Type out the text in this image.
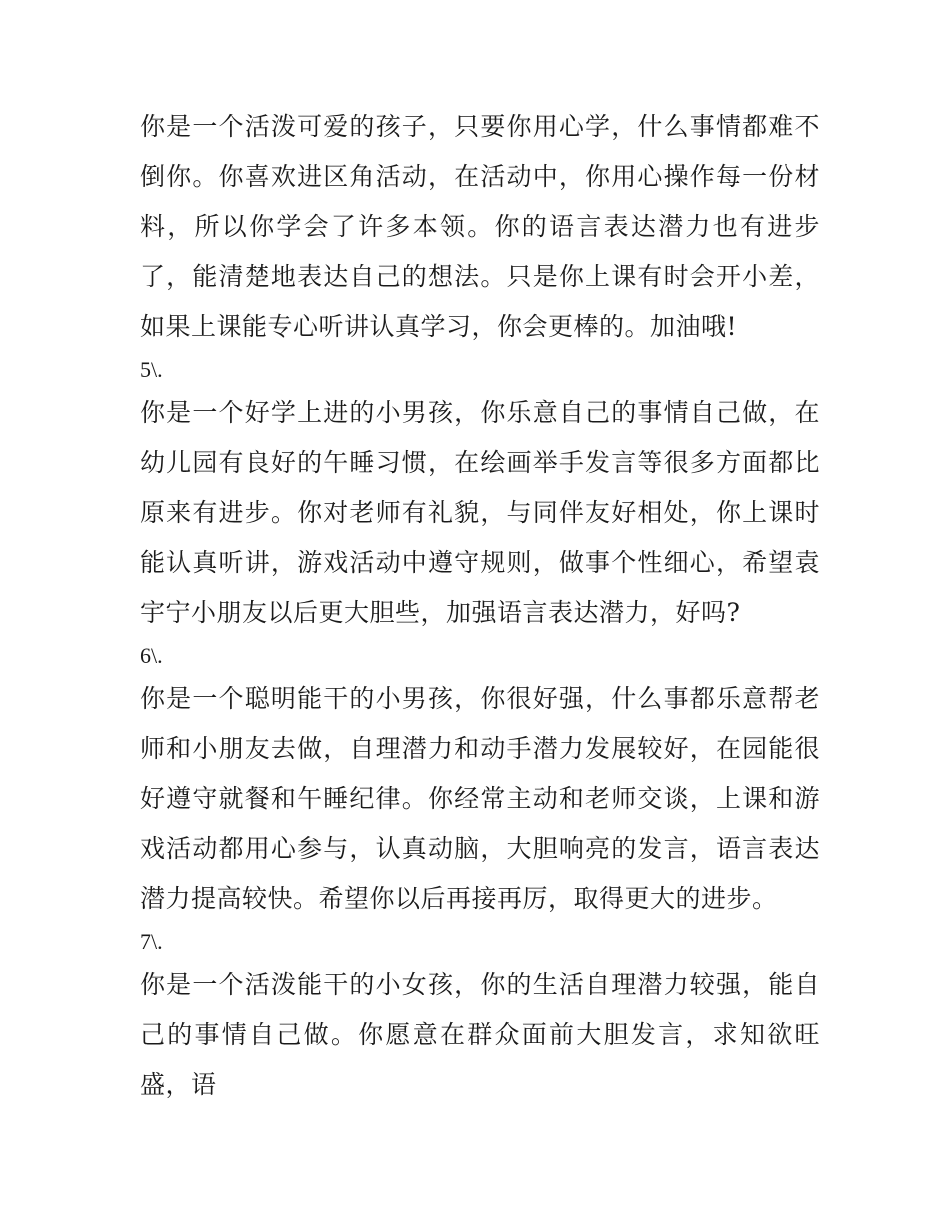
你是一个活泼可爱的孩子，只要你用心学，什么事情都难不倒你。你喜欢进区角活动，在活动中，你用心操作每一份材料，所以你学会了许多本领。你的语言表达潜力也有进步了，能清楚地表达自己的想法。只是你上课有时会开小差，如果上课能专心听讲认真学习，你会更棒的。加油哦!

5\.

你是一个好学上进的小男孩，你乐意自己的事情自己做，在幼儿园有良好的午睡习惯，在绘画举手发言等很多方面都比原来有进步。你对老师有礼貌，与同伴友好相处，你上课时能认真听讲，游戏活动中遵守规则，做事个性细心，希望袁宇宁小朋友以后更大胆些，加强语言表达潜力，好吗?

6\.

你是一个聪明能干的小男孩，你很好强，什么事都乐意帮老师和小朋友去做，自理潜力和动手潜力发展较好，在园能很好遵守就餐和午睡纪律。你经常主动和老师交谈，上课和游戏活动都用心参与，认真动脑，大胆响亮的发言，语言表达潜力提高较快。希望你以后再接再厉，取得更大的进步。

7\.

你是一个活泼能干的小女孩，你的生活自理潜力较强，能自己的事情自己做。你愿意在群众面前大胆发言，求知欲旺盛，语
